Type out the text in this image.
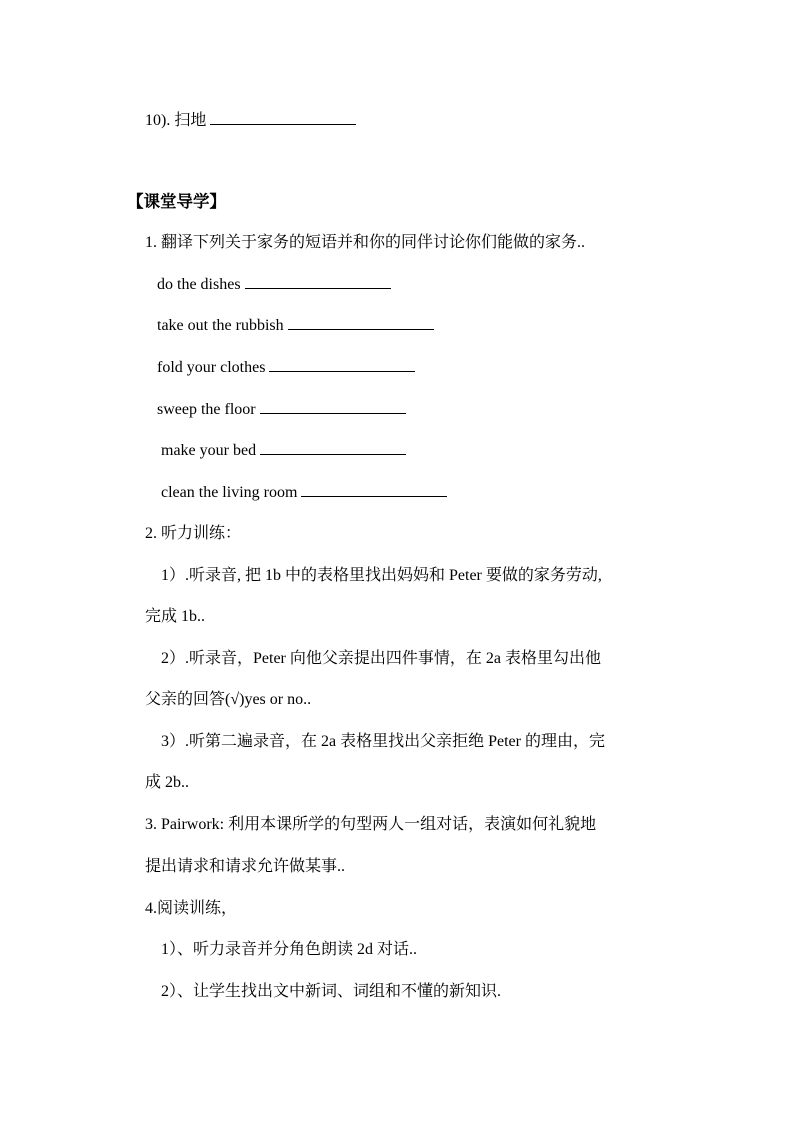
10). 扫地
【课堂导学】
1. 翻译下列关于家务的短语并和你的同伴讨论你们能做的家务..
do the dishes
take out the rubbish
fold your clothes
sweep the floor
make your bed
clean the living room
2. 听力训练：
1）.听录音, 把 1b 中的表格里找出妈妈和 Peter 要做的家务劳动,
完成 1b..
2）.听录音，Peter 向他父亲提出四件事情，在 2a 表格里勾出他
父亲的回答(√)yes or no..
3）.听第二遍录音，在 2a 表格里找出父亲拒绝 Peter 的理由，完
成 2b..
3. Pairwork: 利用本课所学的句型两人一组对话，表演如何礼貌地
提出请求和请求允许做某事..
4.阅读训练，
1）、听力录音并分角色朗读 2d 对话..
2）、让学生找出文中新词、词组和不懂的新知识.
